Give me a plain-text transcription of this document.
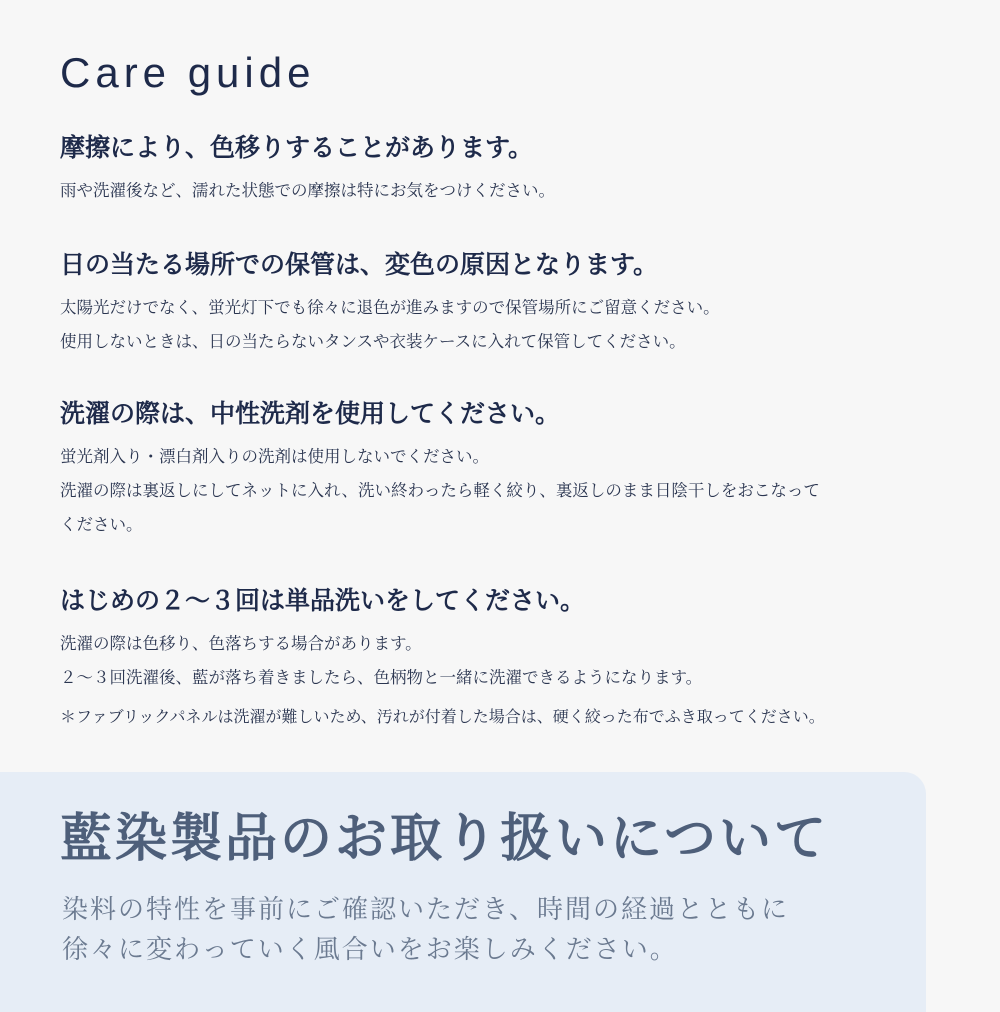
Care guide
摩擦により、色移りすることがあります。
雨や洗濯後など、濡れた状態での摩擦は特にお気をつけください。
日の当たる場所での保管は、変色の原因となります。
太陽光だけでなく、蛍光灯下でも徐々に退色が進みますので保管場所にご留意ください。
使用しないときは、日の当たらないタンスや衣装ケースに入れて保管してください。
洗濯の際は、中性洗剤を使用してください。
蛍光剤入り・漂白剤入りの洗剤は使用しないでください。
洗濯の際は裏返しにしてネットに入れ、洗い終わったら軽く絞り、裏返しのまま日陰干しをおこなって
ください。
はじめの２〜３回は単品洗いをしてください。
洗濯の際は色移り、色落ちする場合があります。
２〜３回洗濯後、藍が落ち着きましたら、色柄物と一緒に洗濯できるようになります。
＊ファブリックパネルは洗濯が難しいため、汚れが付着した場合は、硬く絞った布でふき取ってください。
藍染製品のお取り扱いについて
染料の特性を事前にご確認いただき、時間の経過とともに
徐々に変わっていく風合いをお楽しみください。
